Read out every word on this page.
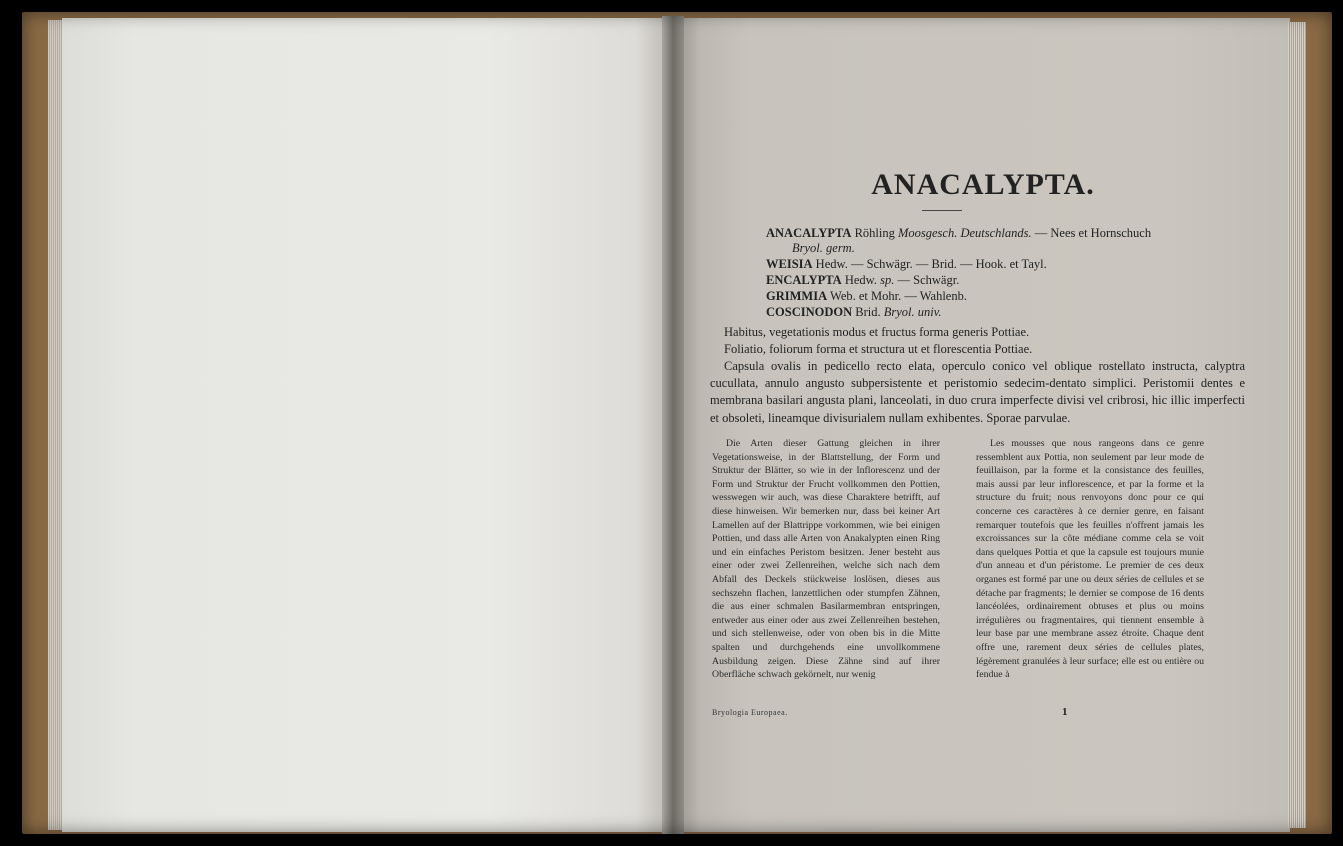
ANACALYPTA.
ANACALYPTA Röhling Moosgesch. Deutschlands. — Nees et Hornschuch
Bryol. germ.
WEISIA Hedw. — Schwägr. — Brid. — Hook. et Tayl.
ENCALYPTA Hedw. sp. — Schwägr.
GRIMMIA Web. et Mohr. — Wahlenb.
COSCINODON Brid. Bryol. univ.
Habitus, vegetationis modus et fructus forma generis Pottiae.
Foliatio, foliorum forma et structura ut et florescentia Pottiae.
Capsula ovalis in pedicello recto elata, operculo conico vel oblique rostellato instructa, calyptra cucullata, annulo angusto subpersistente et peristomio sedecim-dentato simplici. Peristomii dentes e membrana basilari angusta plani, lanceolati, in duo crura imperfecte divisi vel cribrosi, hic illic imperfecti et obsoleti, lineamque divisurialem nullam exhibentes. Sporae parvulae.
Die Arten dieser Gattung gleichen in ihrer Vegetationsweise, in der Blattstellung, der Form und Struktur der Blätter, so wie in der Inflorescenz und der Form und Struktur der Frucht vollkommen den Pottien, wesswegen wir auch, was diese Charaktere betrifft, auf diese hinweisen. Wir bemerken nur, dass bei keiner Art Lamellen auf der Blattrippe vorkommen, wie bei einigen Pottien, und dass alle Arten von Anakalypten einen Ring und ein einfaches Peristom besitzen. Jener besteht aus einer oder zwei Zellenreihen, welche sich nach dem Abfall des Deckels stückweise loslösen, dieses aus sechszehn flachen, lanzettlichen oder stumpfen Zähnen, die aus einer schmalen Basilarmembran entspringen, entweder aus einer oder aus zwei Zellenreihen bestehen, und sich stellenweise, oder von oben bis in die Mitte spalten und durchgehends eine unvollkommene Ausbildung zeigen. Diese Zähne sind auf ihrer Oberfläche schwach gekörnelt, nur wenig
Les mousses que nous rangeons dans ce genre ressemblent aux Pottia, non seulement par leur mode de feuillaison, par la forme et la consistance des feuilles, mais aussi par leur inflorescence, et par la forme et la structure du fruit; nous renvoyons donc pour ce qui concerne ces caractères à ce dernier genre, en faisant remarquer toutefois que les feuilles n'offrent jamais les excroissances sur la côte médiane comme cela se voit dans quelques Pottia et que la capsule est toujours munie d'un anneau et d'un péristome. Le premier de ces deux organes est formé par une ou deux séries de cellules et se détache par fragments; le dernier se compose de 16 dents lancéolées, ordinairement obtuses et plus ou moins irrégulières ou fragmentaires, qui tiennent ensemble à leur base par une membrane assez étroite. Chaque dent offre une, rarement deux séries de cellules plates, légèrement granulées à leur surface; elle est ou entière ou fendue à
Bryologia Europaea.	1
